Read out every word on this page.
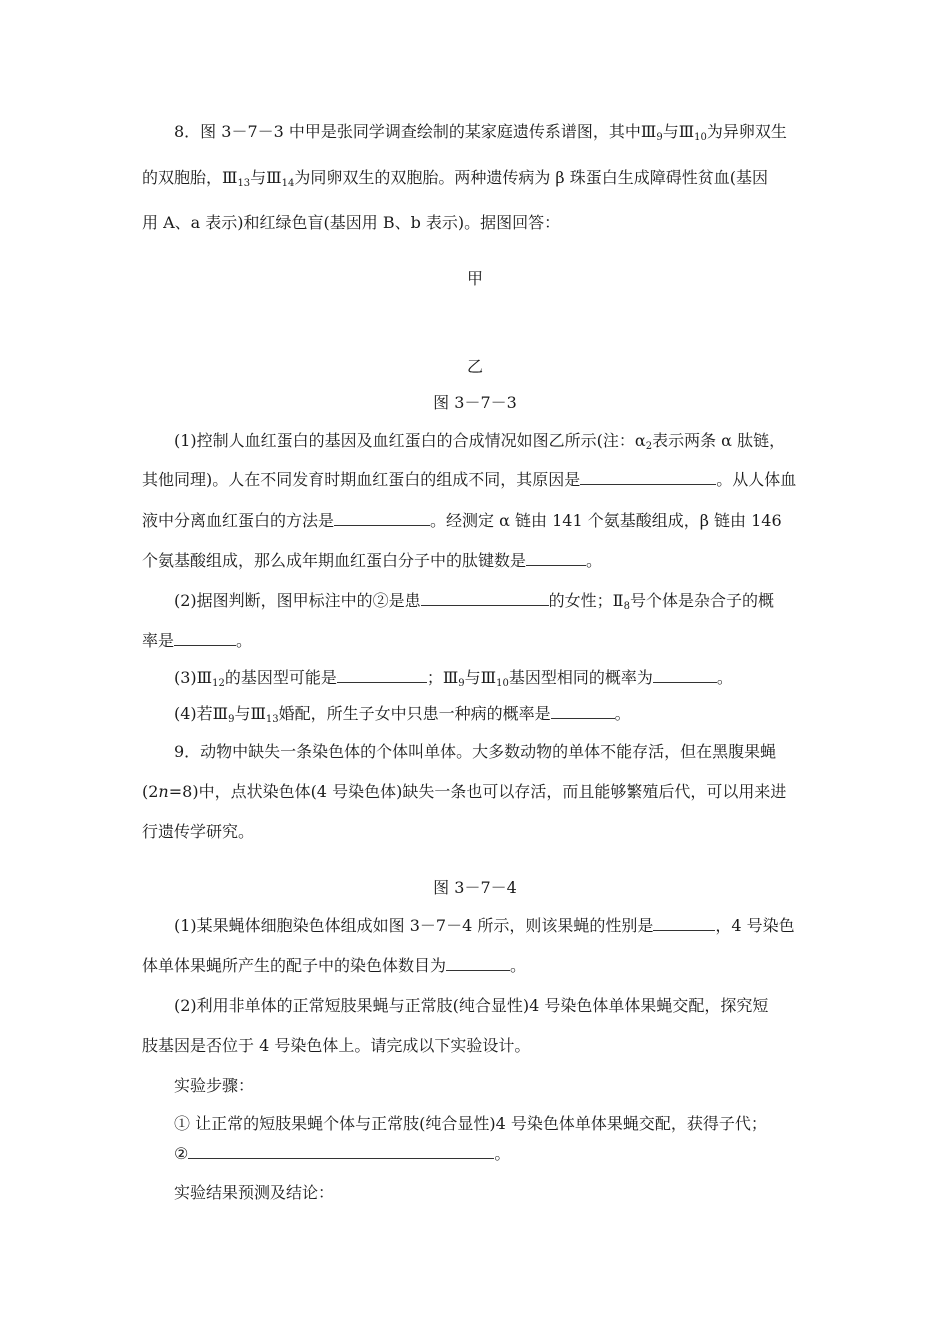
8．图 3－7－3 中甲是张同学调查绘制的某家庭遗传系谱图，其中$Ⅲ_9$与$Ⅲ_{10}$为异卵双生
的双胞胎，$Ⅲ_{13}$与$Ⅲ_{14}$为同卵双生的双胞胎。两种遗传病为 β 珠蛋白生成障碍性贫血(基因
用 A、a 表示)和红绿色盲(基因用 B、b 表示)。据图回答：
甲
乙
图 3－7－3
(1)控制人血红蛋白的基因及血红蛋白的合成情况如图乙所示(注：$\alpha_2$表示两条 α 肽链，
其他同理)。人在不同发育时期血红蛋白的组成不同，其原因是	。从人体血
液中分离血红蛋白的方法是	。经测定 α 链由 141 个氨基酸组成，β 链由 146
个氨基酸组成，那么成年期血红蛋白分子中的肽键数是	。
(2)据图判断，图甲标注中的②是患	的女性；$Ⅱ_8$号个体是杂合子的概
率是	。
$(3)Ⅲ_{12}$的基因型可能是	；$Ⅲ_9$与$Ⅲ_{10}$基因型相同的概率为	。
(4)若$Ⅲ_9$与$Ⅲ_{13}$婚配，所生子女中只患一种病的概率是	。
9．动物中缺失一条染色体的个体叫单体。大多数动物的单体不能存活，但在黑腹果蝇
(2n=8)中，点状染色体(4 号染色体)缺失一条也可以存活，而且能够繁殖后代，可以用来进
行遗传学研究。
图 3－7－4
(1)某果蝇体细胞染色体组成如图 3－7－4 所示，则该果蝇的性别是	，4 号染色
体单体果蝇所产生的配子中的染色体数目为	。
(2)利用非单体的正常短肢果蝇与正常肢(纯合显性)4 号染色体单体果蝇交配，探究短
肢基因是否位于 4 号染色体上。请完成以下实验设计。
实验步骤：
① 让正常的短肢果蝇个体与正常肢(纯合显性)4 号染色体单体果蝇交配，获得子代；
②	。
实验结果预测及结论：
